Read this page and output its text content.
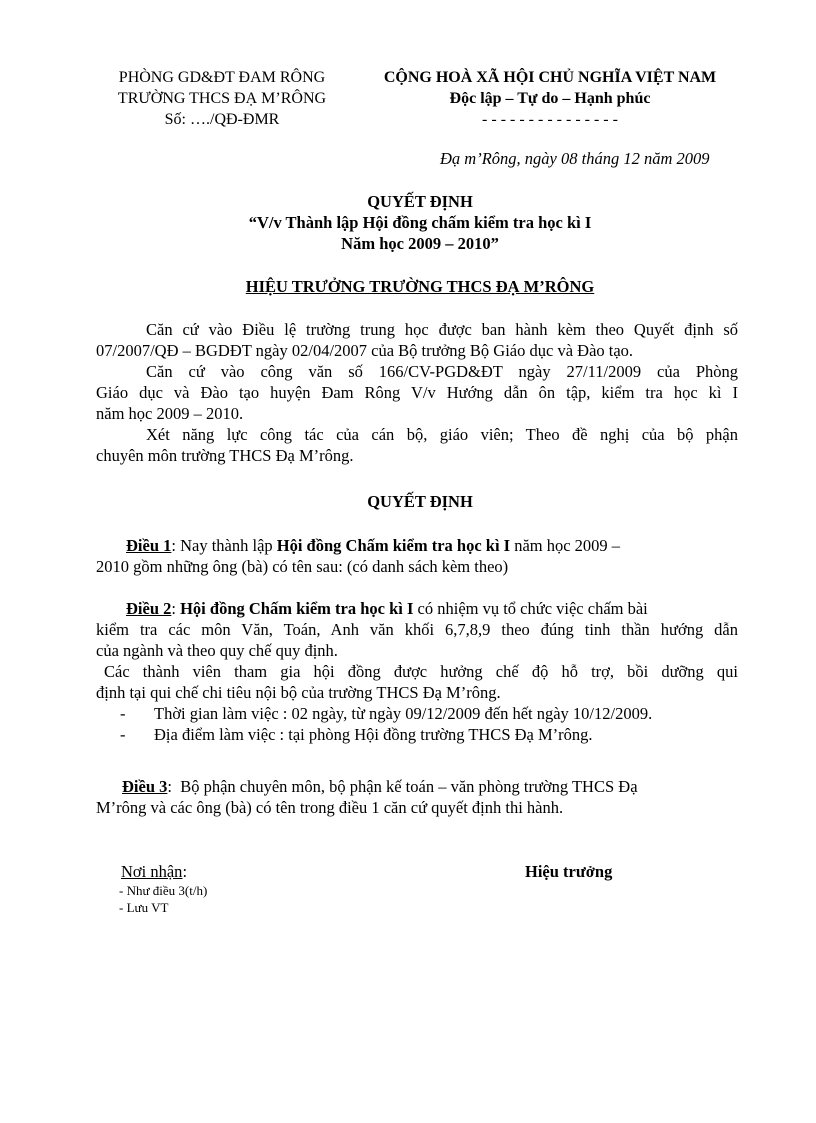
PHÒNG GD&ĐT ĐAM RÔNG
TRƯỜNG THCS ĐẠ M’RÔNG
Số: …./QĐ-ĐMR
CỘNG HOÀ XÃ HỘI CHỦ NGHĨA VIỆT NAM
Độc lập – Tự do – Hạnh phúc
- - - - - - - - - - - - - - -
Đạ m’Rông, ngày 08 tháng 12 năm 2009
QUYẾT ĐỊNH
“V/v Thành lập Hội đồng chấm kiểm tra học kì I
Năm học 2009 – 2010”
HIỆU TRƯỞNG TRƯỜNG THCS ĐẠ M’RÔNG
Căn cứ vào Điều lệ trường trung học được ban hành kèm theo Quyết định số
07/2007/QĐ – BGDĐT ngày 02/04/2007 của Bộ trưởng Bộ Giáo dục và Đào tạo.
Căn cứ vào công văn số 166/CV-PGD&ĐT ngày 27/11/2009 của Phòng
Giáo dục và Đào tạo huyện Đam Rông V/v Hướng dẫn ôn tập, kiểm tra học kì I
năm học 2009 – 2010.
Xét năng lực công tác của cán bộ, giáo viên; Theo đề nghị của bộ phận
chuyên môn trường THCS Đạ M’rông.
QUYẾT ĐỊNH
Điều 1: Nay thành lập Hội đồng Chấm kiểm tra học kì I năm học 2009 –
2010 gồm những ông (bà) có tên sau: (có danh sách kèm theo)
Điều 2: Hội đồng Chấm kiểm tra học kì I có nhiệm vụ tổ chức việc chấm bài
kiểm tra các môn Văn, Toán, Anh văn khối 6,7,8,9 theo đúng tinh thần hướng dẫn
của ngành và theo quy chế quy định.
Các thành viên tham gia hội đồng được hưởng chế độ hỗ trợ, bồi dưỡng qui
định tại qui chế chi tiêu nội bộ của trường THCS Đạ M’rông.
-	Thời gian làm việc : 02 ngày, từ ngày 09/12/2009 đến hết ngày 10/12/2009.
-	Địa điểm làm việc : tại phòng Hội đồng trường THCS Đạ M’rông.
Điều 3:  Bộ phận chuyên môn, bộ phận kế toán – văn phòng trường THCS Đạ
M’rông và các ông (bà) có tên trong điều 1 căn cứ quyết định thi hành.
Nơi nhận:
- Như điều 3(t/h)
- Lưu VT
Hiệu trưởng
